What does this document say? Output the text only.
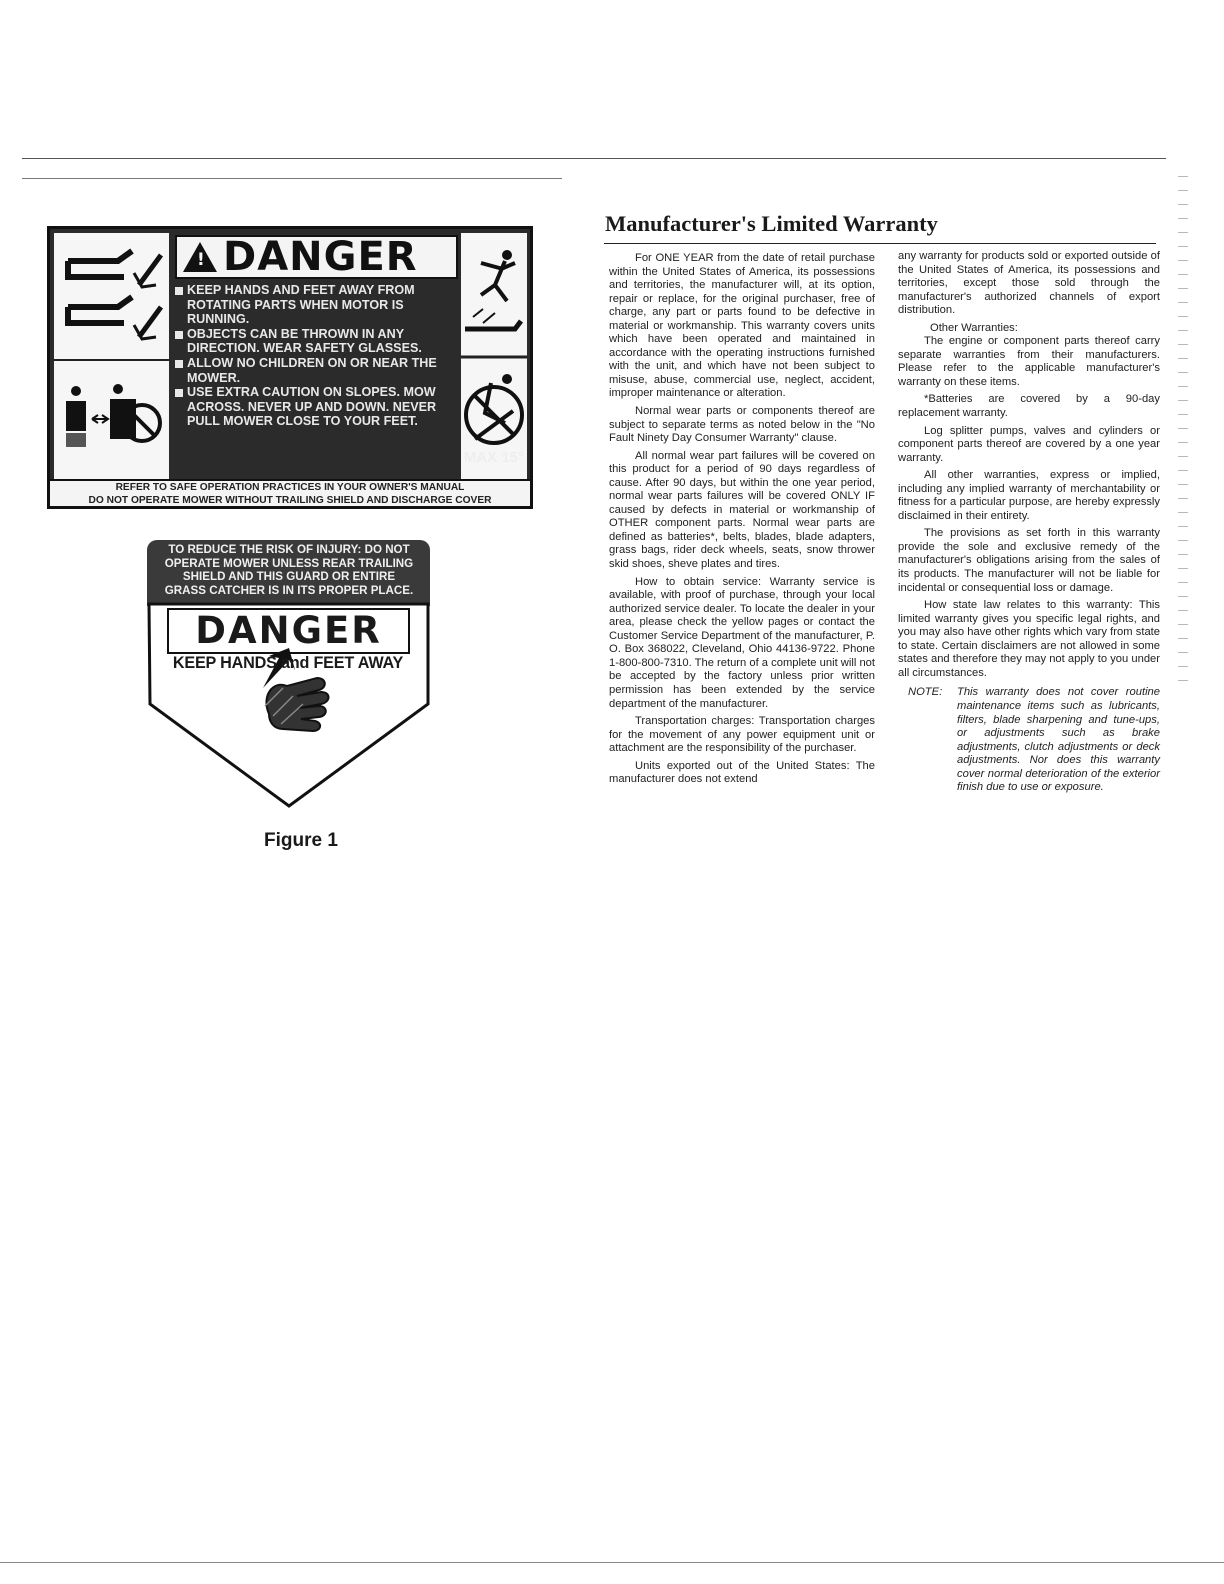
!
DANGER
KEEP HANDS AND FEET AWAY FROM ROTATING PARTS WHEN MOTOR IS RUNNING.
OBJECTS CAN BE THROWN IN ANY DIRECTION. WEAR SAFETY GLASSES.
ALLOW NO CHILDREN ON OR NEAR THE MOWER.
USE EXTRA CAUTION ON SLOPES. MOW ACROSS. NEVER UP AND DOWN. NEVER PULL MOWER CLOSE TO YOUR FEET.
MAX 15°
REFER TO SAFE OPERATION PRACTICES IN YOUR OWNER'S MANUAL
DO NOT OPERATE MOWER WITHOUT TRAILING SHIELD AND DISCHARGE COVER
TO REDUCE THE RISK OF INJURY: DO NOT OPERATE MOWER UNLESS REAR TRAILING SHIELD AND THIS GUARD OR ENTIRE GRASS CATCHER IS IN ITS PROPER PLACE.
DANGER
KEEP HANDS and FEET AWAY
Figure 1
Manufacturer's Limited Warranty

For ONE YEAR from the date of retail purchase within the United States of America, its possessions and territories, the manufacturer will, at its option, repair or replace, for the original purchaser, free of charge, any part or parts found to be defective in material or workmanship. This warranty covers units which have been operated and maintained in accordance with the operating instructions furnished with the unit, and which have not been subject to misuse, abuse, commercial use, neglect, accident, improper maintenance or alteration.

Normal wear parts or components thereof are subject to separate terms as noted below in the "No Fault Ninety Day Consumer Warranty" clause.

All normal wear part failures will be covered on this product for a period of 90 days regardless of cause. After 90 days, but within the one year period, normal wear parts failures will be covered ONLY IF caused by defects in material or workmanship of OTHER component parts. Normal wear parts are defined as batteries*, belts, blades, blade adapters, grass bags, rider deck wheels, seats, snow thrower skid shoes, sheve plates and tires.

How to obtain service: Warranty service is available, with proof of purchase, through your local authorized service dealer. To locate the dealer in your area, please check the yellow pages or contact the Customer Service Department of the manufacturer, P. O. Box 368022, Cleveland, Ohio 44136-9722. Phone 1-800-800-7310. The return of a complete unit will not be accepted by the factory unless prior written permission has been extended by the service department of the manufacturer.

Transportation charges: Transportation charges for the movement of any power equipment unit or attachment are the responsibility of the purchaser.

Units exported out of the United States: The manufacturer does not extend

any warranty for products sold or exported outside of the United States of America, its possessions and territories, except those sold through the manufacturer's authorized channels of export distribution.

Other Warranties:

The engine or component parts thereof carry separate warranties from their manufacturers. Please refer to the applicable manufacturer's warranty on these items.

*Batteries are covered by a 90-day replacement warranty.

Log splitter pumps, valves and cylinders or component parts thereof are covered by a one year warranty.

All other warranties, express or implied, including any implied warranty of merchantability or fitness for a particular purpose, are hereby expressly disclaimed in their entirety.

The provisions as set forth in this warranty provide the sole and exclusive remedy of the manufacturer's obligations arising from the sales of its products. The manufacturer will not be liable for incidental or consequential loss or damage.

How state law relates to this warranty: This limited warranty gives you specific legal rights, and you may also have other rights which vary from state to state. Certain disclaimers are not allowed in some states and therefore they may not apply to you under all circumstances.

NOTE: This warranty does not cover routine maintenance items such as lubricants, filters, blade sharpening and tune-ups, or adjustments such as brake adjustments, clutch adjustments or deck adjustments. Nor does this warranty cover normal deterioration of the exterior finish due to use or exposure.
